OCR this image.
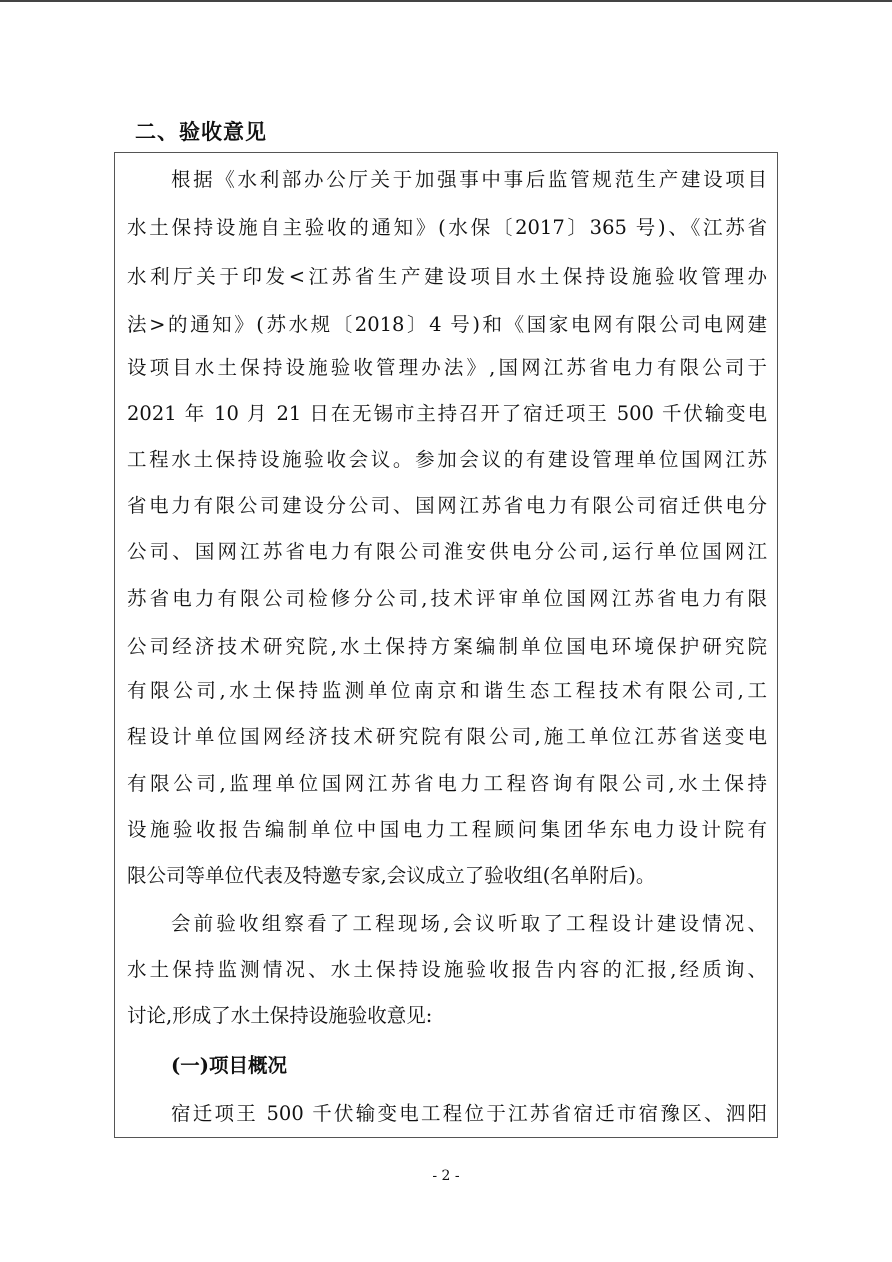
二、验收意见
根据《水利部办公厅关于加强事中事后监管规范生产建设项目
水土保持设施自主验收的通知》(水保〔2017〕365 号)、《江苏省
水利厅关于印发<江苏省生产建设项目水土保持设施验收管理办
法>的通知》(苏水规〔2018〕4 号)和《国家电网有限公司电网建
设项目水土保持设施验收管理办法》,国网江苏省电力有限公司于
2021 年 10 月 21 日在无锡市主持召开了宿迁项王 500 千伏输变电
工程水土保持设施验收会议。参加会议的有建设管理单位国网江苏
省电力有限公司建设分公司、国网江苏省电力有限公司宿迁供电分
公司、国网江苏省电力有限公司淮安供电分公司,运行单位国网江
苏省电力有限公司检修分公司,技术评审单位国网江苏省电力有限
公司经济技术研究院,水土保持方案编制单位国电环境保护研究院
有限公司,水土保持监测单位南京和谐生态工程技术有限公司,工
程设计单位国网经济技术研究院有限公司,施工单位江苏省送变电
有限公司,监理单位国网江苏省电力工程咨询有限公司,水土保持
设施验收报告编制单位中国电力工程顾问集团华东电力设计院有
限公司等单位代表及特邀专家,会议成立了验收组(名单附后)。
会前验收组察看了工程现场,会议听取了工程设计建设情况、
水土保持监测情况、水土保持设施验收报告内容的汇报,经质询、
讨论,形成了水土保持设施验收意见:
(一)项目概况
宿迁项王 500 千伏输变电工程位于江苏省宿迁市宿豫区、泗阳
- 2 -
